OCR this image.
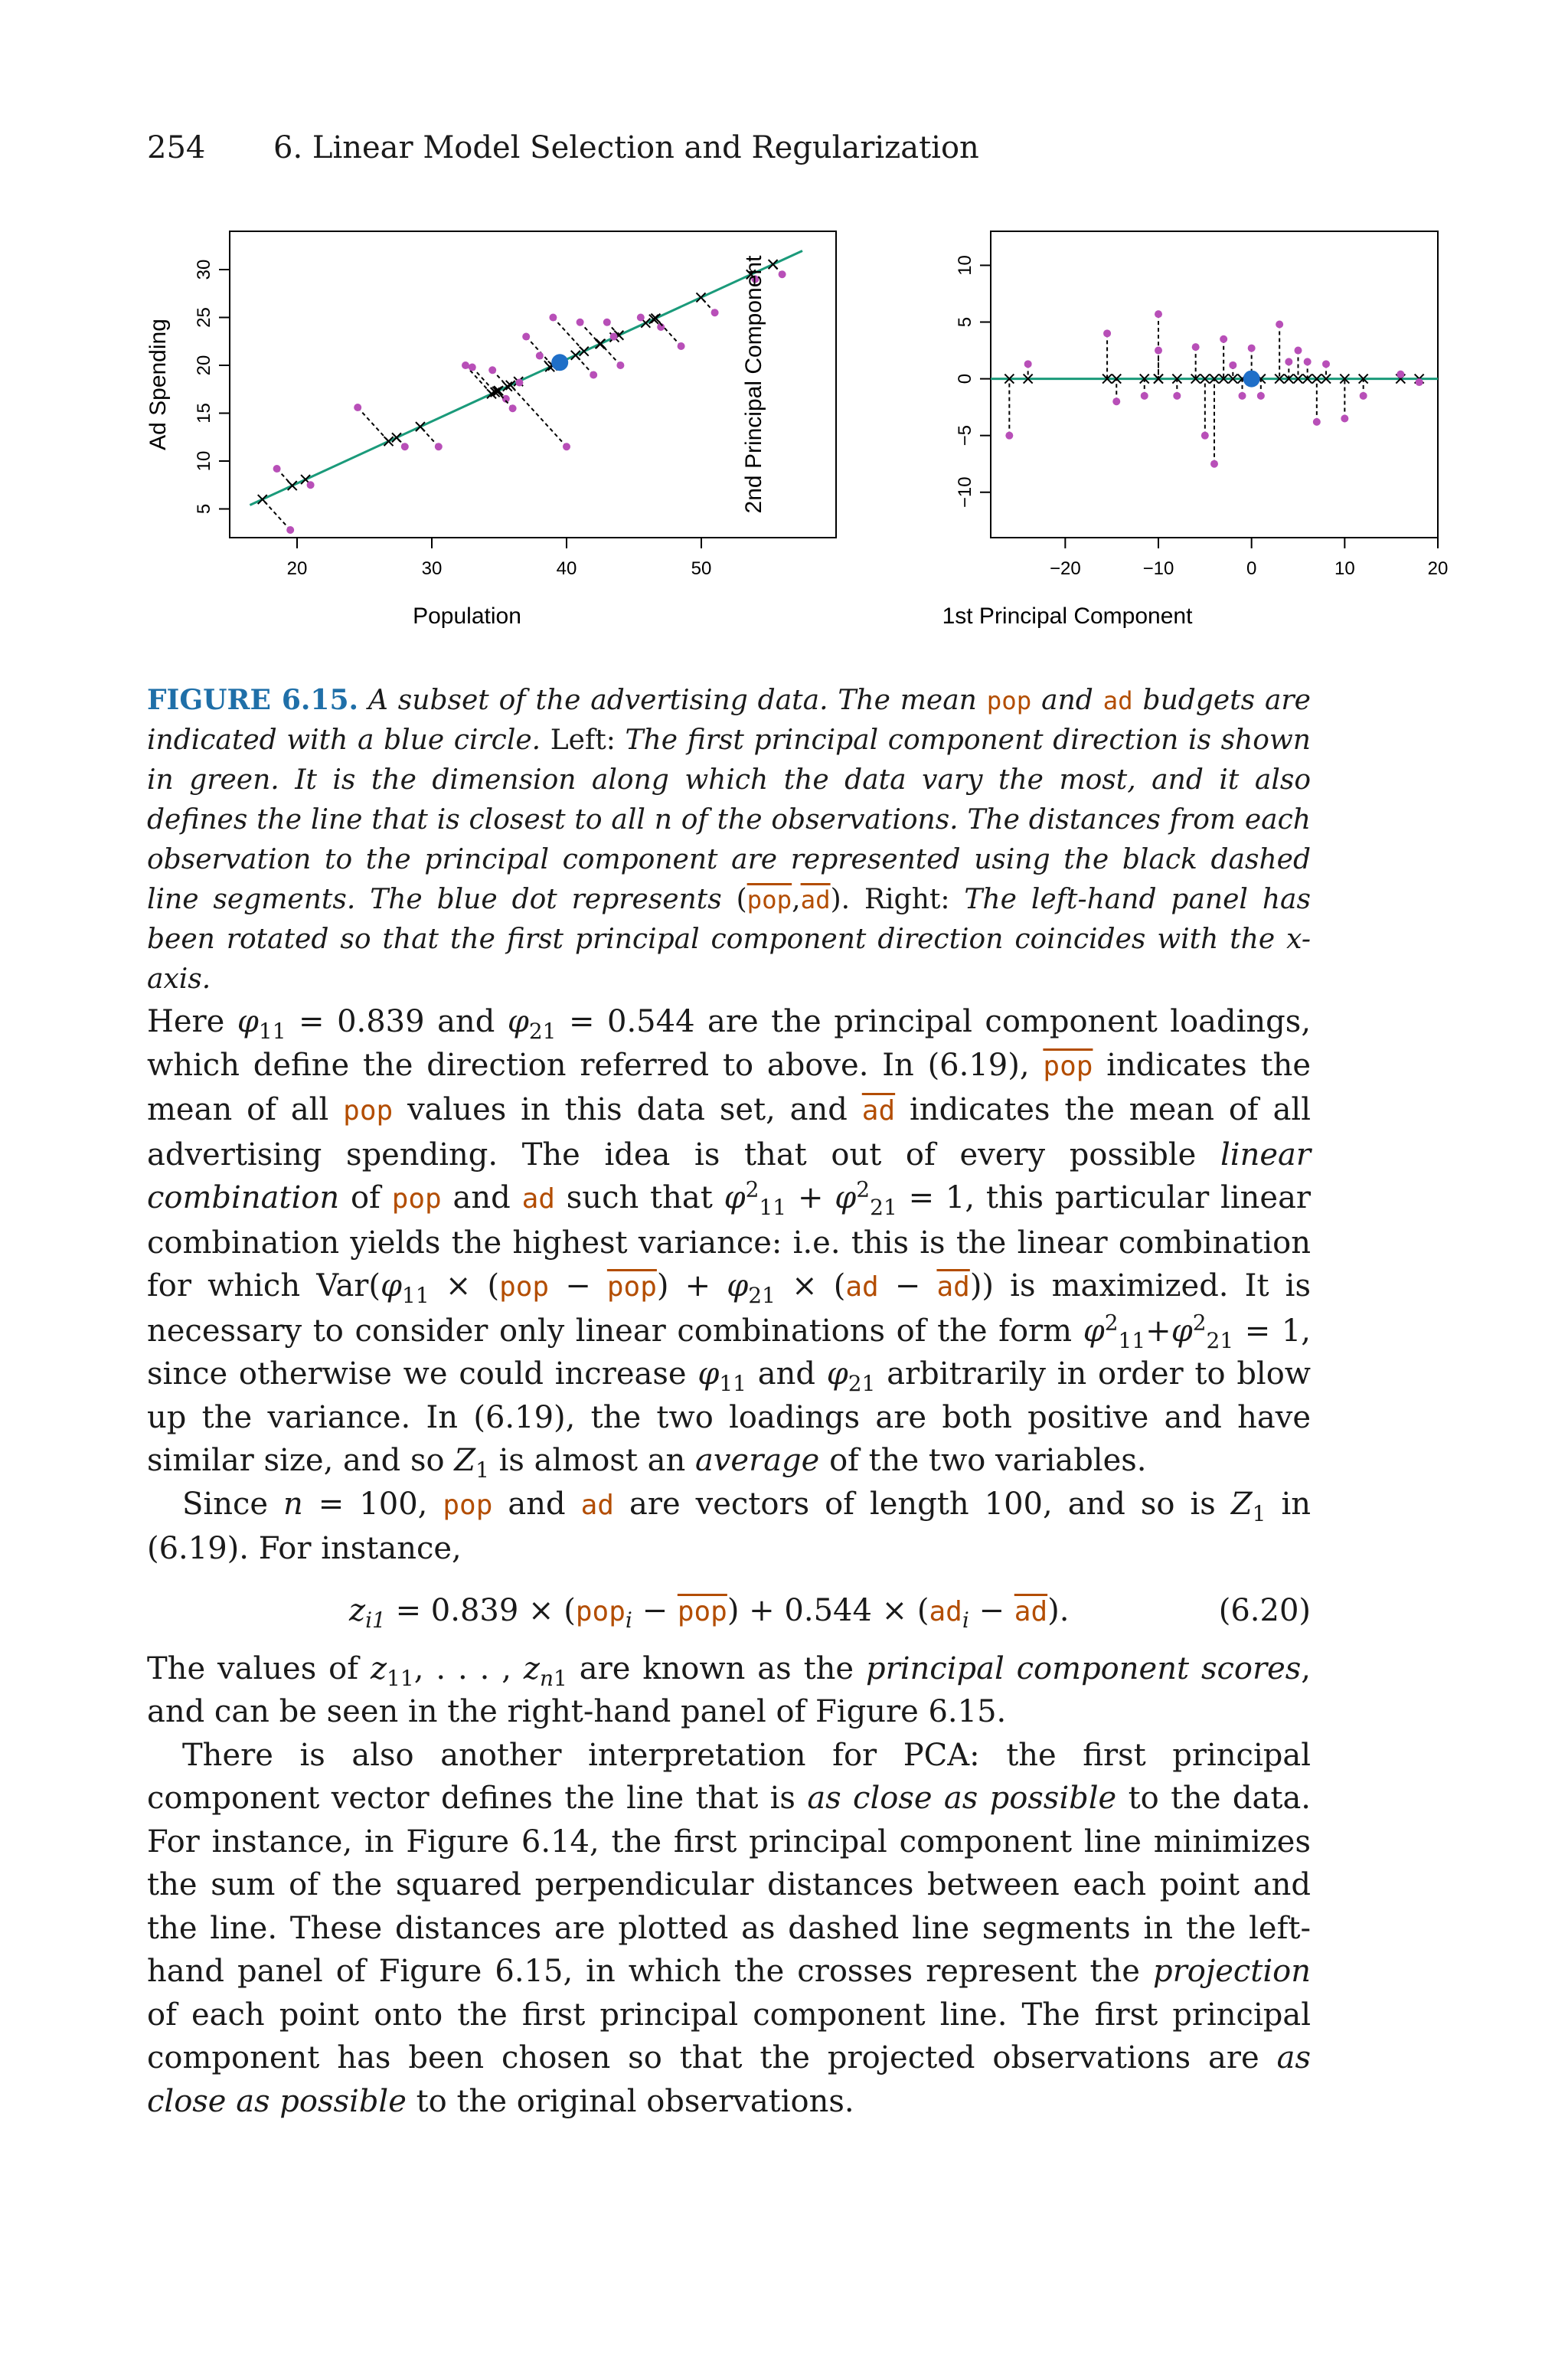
254 6. Linear Model Selection and Regularization
20	30	40	50
5
10
15
20
25
30
−20	−10	0	10	20
−10
−5
0
5
10
Population	1st Principal Component
Ad Spending	2nd Principal Component
FIGURE 6.15. A subset of the advertising data. The mean pop and ad budgets are indicated with a blue circle. Left: The first principal component direction is shown in green. It is the dimension along which the data vary the most, and it also defines the line that is closest to all n of the observations. The distances from each observation to the principal component are represented using the black dashed line segments. The blue dot represents $(\overline{pop},\overline{ad})$. Right: The left-hand panel has been rotated so that the first principal component direction coincides with the x-axis.

Here $\varphi_{11} = 0.839$ and $\varphi_{21} = 0.544$ are the principal component loadings, which define the direction referred to above. In (6.19), $\overline{pop}$ indicates the mean of all pop values in this data set, and $\overline{ad}$ indicates the mean of all advertising spending. The idea is that out of every possible linear combination of pop and ad such that $\varphi^2_{11} + \varphi^2_{21} = 1$, this particular linear combination yields the highest variance: i.e. this is the linear combination for which $Var(\varphi_{11} \times (pop - \overline{pop}) + \varphi_{21} \times (ad - \overline{ad}))$ is maximized. It is necessary to consider only linear combinations of the form $\varphi^2_{11}+\varphi^2_{21} = 1$, since otherwise we could increase $\varphi_{11}$ and $\varphi_{21}$ arbitrarily in order to blow up the variance. In (6.19), the two loadings are both positive and have similar size, and so $Z_1$ is almost an average of the two variables.

Since n = 100, pop and ad are vectors of length 100, and so is $Z_1$ in (6.19). For instance,

$z_{i1} = 0.839 \times (pop_i - \overline{pop}) + 0.544 \times (ad_i - \overline{ad})$.	(6.20)

The values of $z_{11}$, . . . , $z_{n1}$ are known as the principal component scores, and can be seen in the right-hand panel of Figure 6.15.

There is also another interpretation for PCA: the first principal component vector defines the line that is as close as possible to the data. For instance, in Figure 6.14, the first principal component line minimizes the sum of the squared perpendicular distances between each point and the line. These distances are plotted as dashed line segments in the left-hand panel of Figure 6.15, in which the crosses represent the projection of each point onto the first principal component line. The first principal component has been chosen so that the projected observations are as close as possible to the original observations.
